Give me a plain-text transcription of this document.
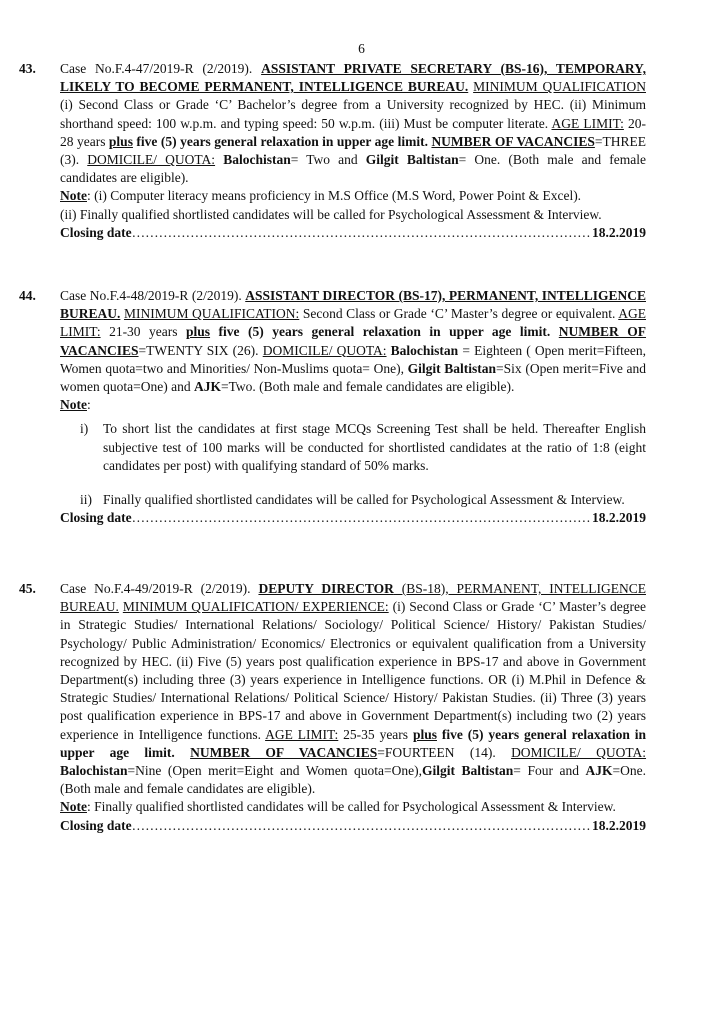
6
43. Case No.F.4-47/2019-R (2/2019). ASSISTANT PRIVATE SECRETARY (BS-16), TEMPORARY, LIKELY TO BECOME PERMANENT, INTELLIGENCE BUREAU. MINIMUM QUALIFICATION (i) Second Class or Grade ‘C’ Bachelor’s degree from a University recognized by HEC. (ii) Minimum shorthand speed: 100 w.p.m. and typing speed: 50 w.p.m. (iii) Must be computer literate. AGE LIMIT: 20-28 years plus five (5) years general relaxation in upper age limit. NUMBER OF VACANCIES=THREE (3). DOMICILE/ QUOTA: Balochistan= Two and Gilgit Baltistan= One. (Both male and female candidates are eligible).

Note: (i) Computer literacy means proficiency in M.S Office (M.S Word, Power Point & Excel).

(ii) Finally qualified shortlisted candidates will be called for Psychological Assessment & Interview.

Closing date ……………………………………………………………………………………………………………………………………………	18.2.2019
44. Case No.F.4-48/2019-R (2/2019). ASSISTANT DIRECTOR (BS-17), PERMANENT, INTELLIGENCE BUREAU. MINIMUM QUALIFICATION: Second Class or Grade ‘C’ Master’s degree or equivalent. AGE LIMIT: 21-30 years plus five (5) years general relaxation in upper age limit. NUMBER OF VACANCIES=TWENTY SIX (26). DOMICILE/ QUOTA: Balochistan = Eighteen ( Open merit=Fifteen, Women quota=two and Minorities/ Non-Muslims quota= One), Gilgit Baltistan=Six (Open merit=Five and women quota=One) and AJK=Two. (Both male and female candidates are eligible).

Note:

i) To short list the candidates at first stage MCQs Screening Test shall be held. Thereafter English subjective test of 100 marks will be conducted for shortlisted candidates at the ratio of 1:8 (eight candidates per post) with qualifying standard of 50% marks.
ii) Finally qualified shortlisted candidates will be called for Psychological Assessment & Interview.
Closing date ……………………………………………………………………………………………………………………………………………	18.2.2019
45. Case No.F.4-49/2019-R (2/2019). DEPUTY DIRECTOR (BS-18), PERMANENT, INTELLIGENCE BUREAU. MINIMUM QUALIFICATION/ EXPERIENCE: (i) Second Class or Grade ‘C’ Master’s degree in Strategic Studies/ International Relations/ Sociology/ Political Science/ History/ Pakistan Studies/ Psychology/ Public Administration/ Economics/ Electronics or equivalent qualification from a University recognized by HEC. (ii) Five (5) years post qualification experience in BPS-17 and above in Government Department(s) including three (3) years experience in Intelligence functions. OR (i) M.Phil in Defence & Strategic Studies/ International Relations/ Political Science/ History/ Pakistan Studies. (ii) Three (3) years post qualification experience in BPS-17 and above in Government Department(s) including two (2) years experience in Intelligence functions. AGE LIMIT: 25-35 years plus five (5) years general relaxation in upper age limit. NUMBER OF VACANCIES=FOURTEEN (14). DOMICILE/ QUOTA: Balochistan=Nine (Open merit=Eight and Women quota=One),Gilgit Baltistan= Four and AJK=One. (Both male and female candidates are eligible).

Note: Finally qualified shortlisted candidates will be called for Psychological Assessment & Interview.

Closing date ……………………………………………………………………………………………………………………………………………	18.2.2019
